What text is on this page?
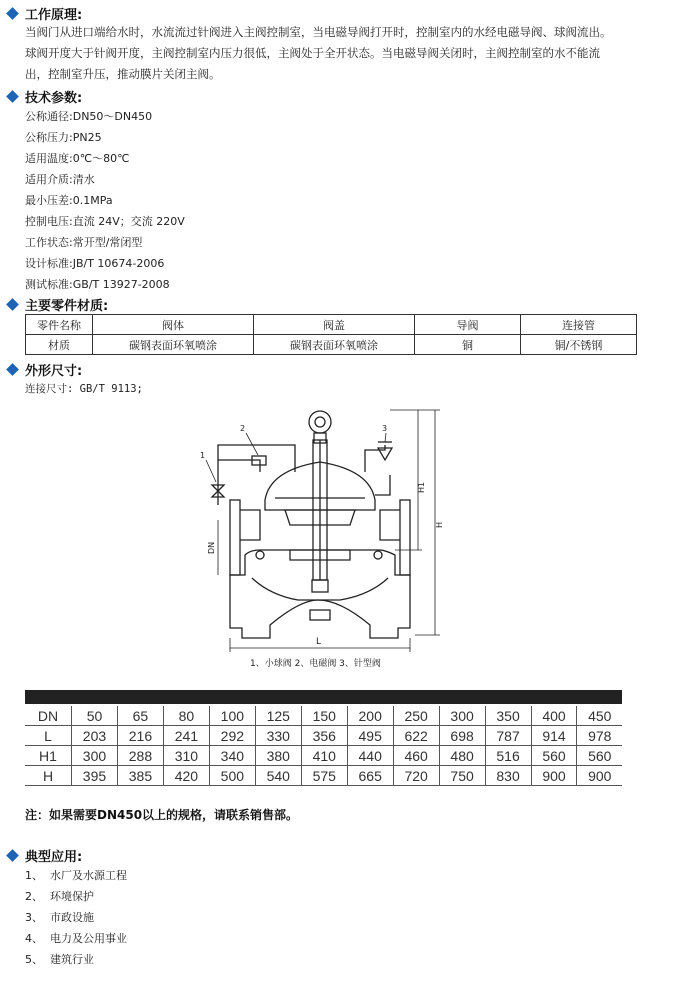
工作原理:
当阀门从进口端给水时，水流流过针阀进入主阀控制室，当电磁导阀打开时，控制室内的水经电磁导阀、球阀流出。
球阀开度大于针阀开度，主阀控制室内压力很低，主阀处于全开状态。当电磁导阀关闭时，主阀控制室的水不能流
出，控制室升压，推动膜片关闭主阀。
技术参数:
公称通径:DN50～DN450
公称压力:PN25
适用温度:0℃～80℃
适用介质:清水
最小压差:0.1MPa
控制电压:直流 24V；交流 220V
工作状态:常开型/常闭型
设计标准:JB/T 10674-2006
测试标准:GB/T 13927-2008
主要零件材质:
零件名称	阀体	阀盖	导阀	连接管
材质	碳钢表面环氧喷涂	碳钢表面环氧喷涂	铜	铜/不锈钢
外形尺寸:
连接尺寸: GB/T 9113;
1
2	3
DN
H1
H
L
1、小球阀 2、电磁阀 3、针型阀
DN	50	65	80	100	125	150	200	250	300	350	400	450
L	203	216	241	292	330	356	495	622	698	787	914	978
H1	300	288	310	340	380	410	440	460	480	516	560	560
H	395	385	420	500	540	575	665	720	750	830	900	900
注：如果需要DN450以上的规格，请联系销售部。
典型应用:
1、 水厂及水源工程
2、 环境保护
3、 市政设施
4、 电力及公用事业
5、 建筑行业
